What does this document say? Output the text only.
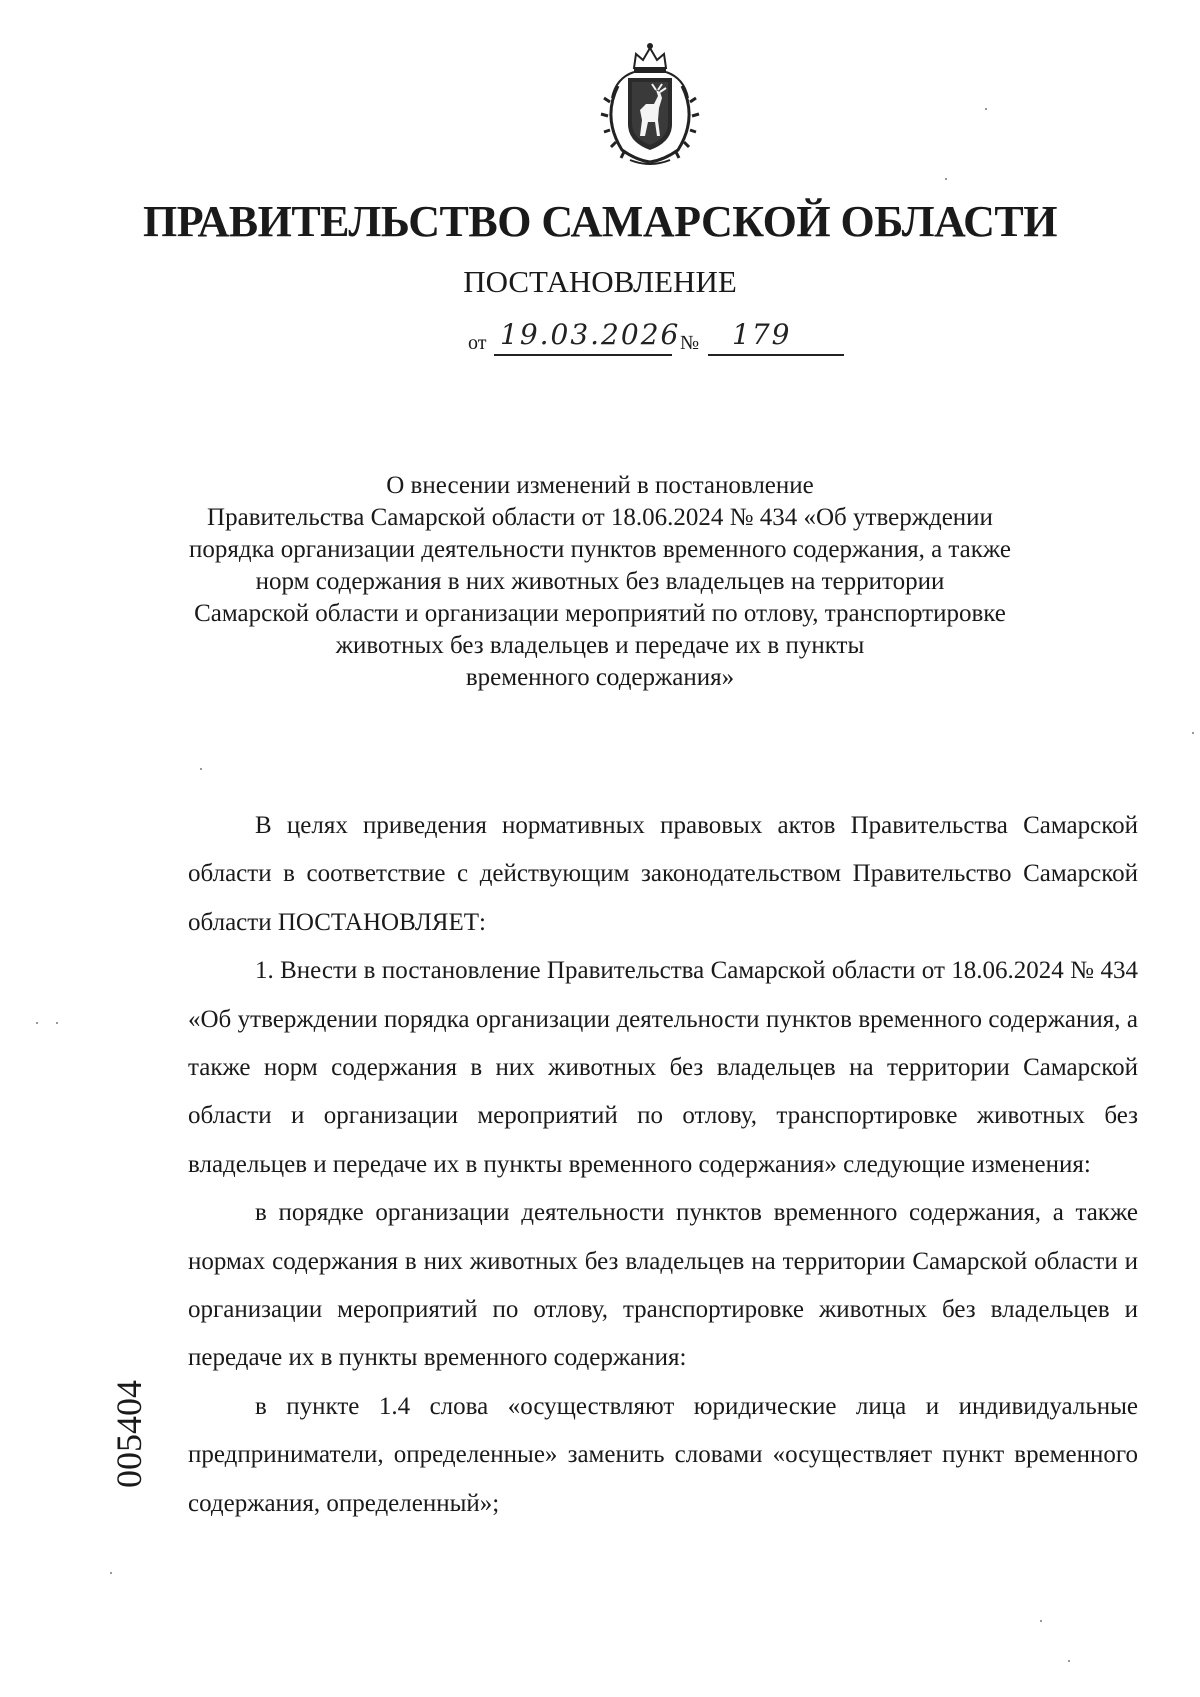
ПРАВИТЕЛЬСТВО САМАРСКОЙ ОБЛАСТИ
ПОСТАНОВЛЕНИЕ
от 19.03.2026 № 179
О внесении изменений в постановление
Правительства Самарской области от 18.06.2024 № 434 «Об утверждении
порядка организации деятельности пунктов временного содержания, а также
норм содержания в них животных без владельцев на территории
Самарской области и организации мероприятий по отлову, транспортировке
животных без владельцев и передаче их в пункты
временного содержания»

В целях приведения нормативных правовых актов Правительства Самарской области в соответствие с действующим законодательством Правительство Самарской области ПОСТАНОВЛЯЕТ:

1. Внести в постановление Правительства Самарской области от 18.06.2024 № 434 «Об утверждении порядка организации деятельности пунктов временного содержания, а также норм содержания в них животных без владельцев на территории Самарской области и организации мероприятий по отлову, транспортировке животных без владельцев и передаче их в пункты временного содержания» следующие изменения:

в порядке организации деятельности пунктов временного содержания, а также нормах содержания в них животных без владельцев на территории Самарской области и организации мероприятий по отлову, транспортировке животных без владельцев и передаче их в пункты временного содержания:

в пункте 1.4 слова «осуществляют юридические лица и индивидуальные предприниматели, определенные» заменить словами «осуществляет пункт временного содержания, определенный»;

005404
